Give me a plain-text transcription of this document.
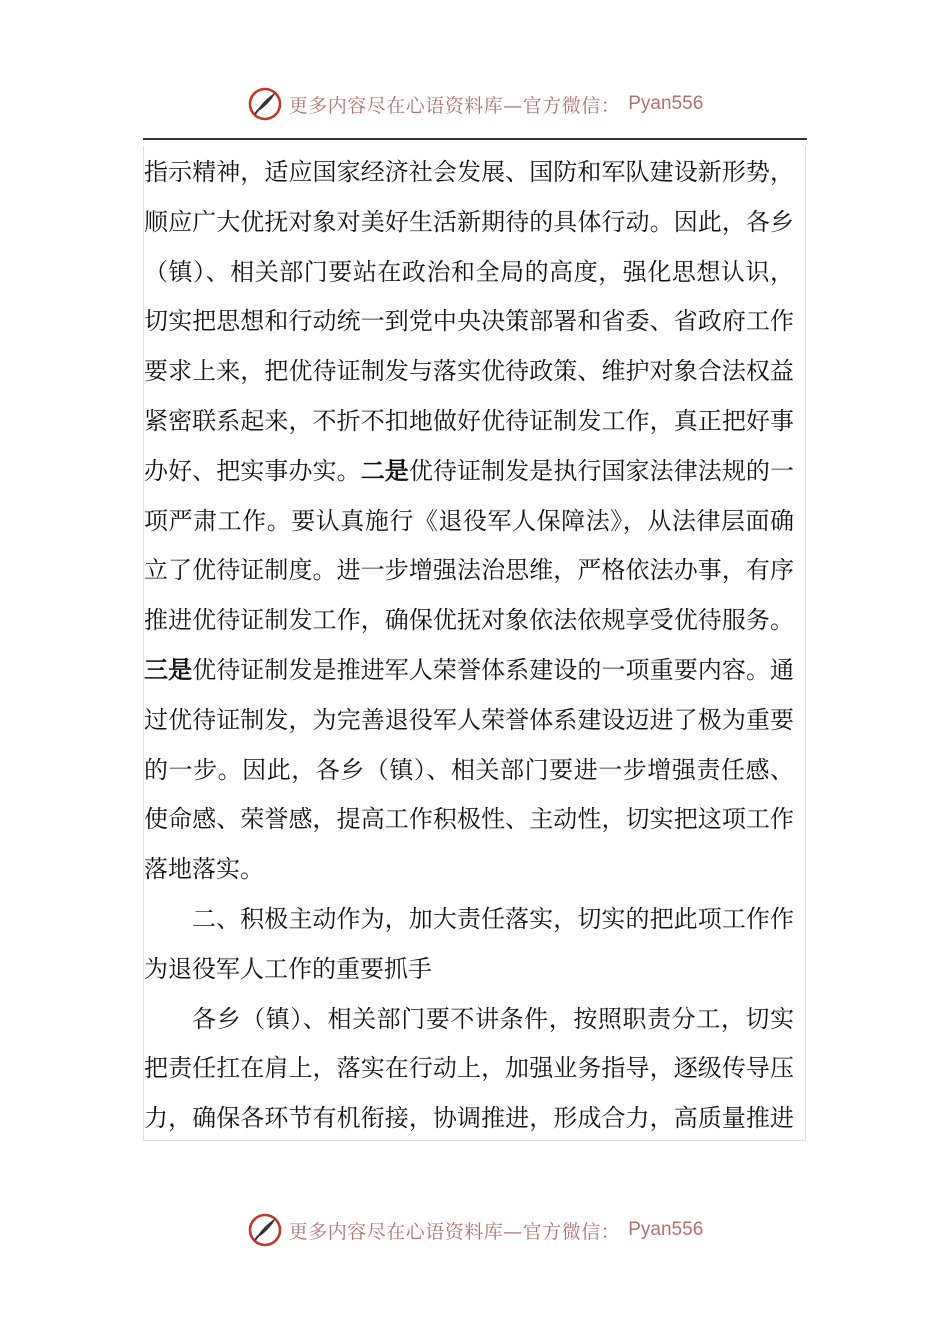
更多内容尽在心语资料库—官方微信： Pyan556
指示精神，适应国家经济社会发展、国防和军队建设新形势，
顺应广大优抚对象对美好生活新期待的具体行动。因此，各乡
（镇）、相关部门要站在政治和全局的高度，强化思想认识，
切实把思想和行动统一到党中央决策部署和省委、省政府工作
要求上来，把优待证制发与落实优待政策、维护对象合法权益
紧密联系起来，不折不扣地做好优待证制发工作，真正把好事
办好、把实事办实。二是优待证制发是执行国家法律法规的一
项严肃工作。要认真施行《退役军人保障法》，从法律层面确
立了优待证制度。进一步增强法治思维，严格依法办事，有序
推进优待证制发工作，确保优抚对象依法依规享受优待服务。
三是优待证制发是推进军人荣誉体系建设的一项重要内容。通
过优待证制发，为完善退役军人荣誉体系建设迈进了极为重要
的一步。因此，各乡（镇）、相关部门要进一步增强责任感、
使命感、荣誉感，提高工作积极性、主动性，切实把这项工作
落地落实。
二、积极主动作为，加大责任落实，切实的把此项工作作
为退役军人工作的重要抓手
各乡（镇）、相关部门要不讲条件，按照职责分工，切实
把责任扛在肩上，落实在行动上，加强业务指导，逐级传导压
力，确保各环节有机衔接，协调推进，形成合力，高质量推进
更多内容尽在心语资料库—官方微信： Pyan556
